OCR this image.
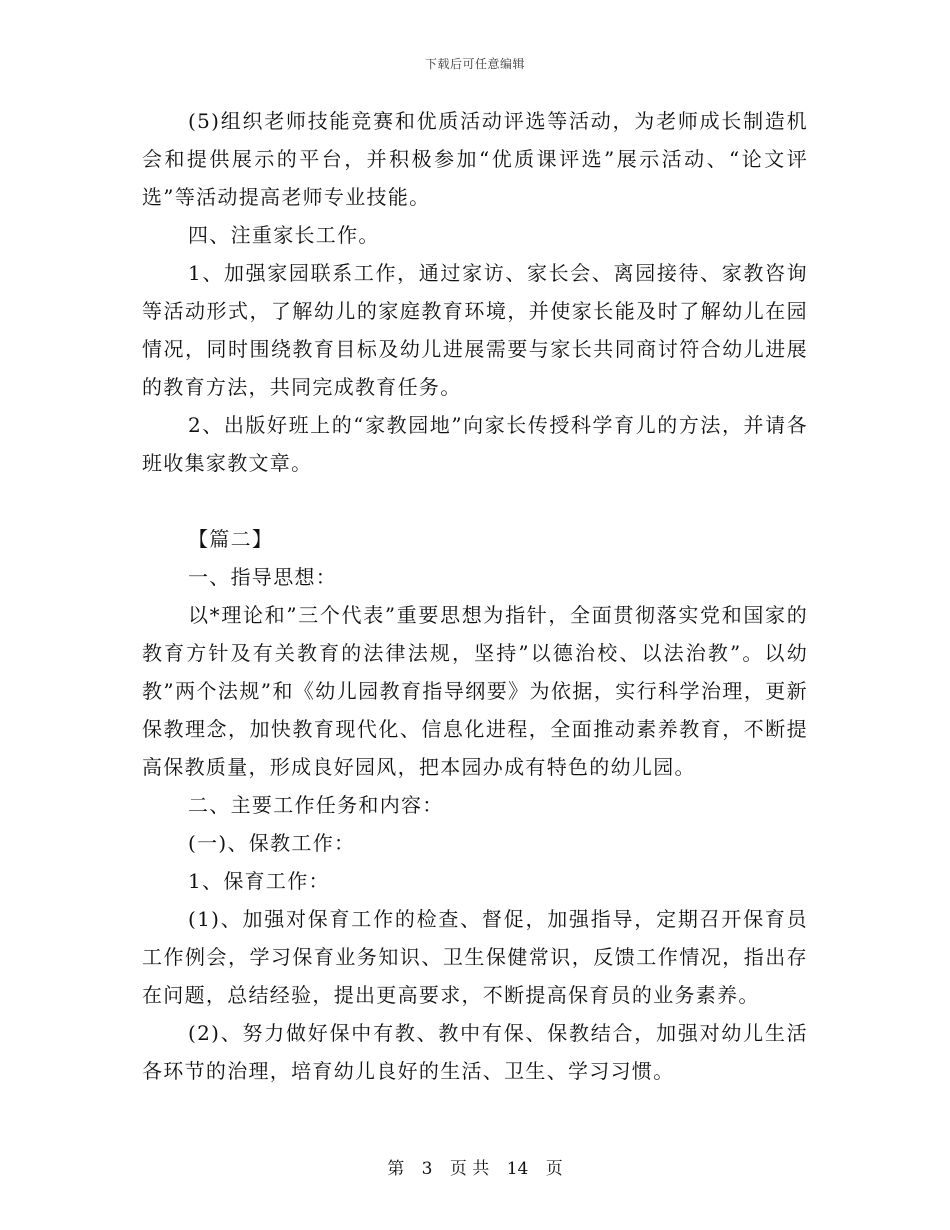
下载后可任意编辑

(5)组织老师技能竞赛和优质活动评选等活动，为老师成长制造机会和提供展示的平台，并积极参加“优质课评选”展示活动、“论文评选”等活动提高老师专业技能。

四、注重家长工作。

1、加强家园联系工作，通过家访、家长会、离园接待、家教咨询等活动形式，了解幼儿的家庭教育环境，并使家长能及时了解幼儿在园情况，同时围绕教育目标及幼儿进展需要与家长共同商讨符合幼儿进展的教育方法，共同完成教育任务。

2、出版好班上的“家教园地”向家长传授科学育儿的方法，并请各班收集家教文章。

【篇二】

一、指导思想：

以*理论和”三个代表”重要思想为指针，全面贯彻落实党和国家的教育方针及有关教育的法律法规，坚持”以德治校、以法治教”。以幼教”两个法规”和《幼儿园教育指导纲要》为依据，实行科学治理，更新保教理念，加快教育现代化、信息化进程，全面推动素养教育，不断提高保教质量，形成良好园风，把本园办成有特色的幼儿园。

二、主要工作任务和内容：

(一)、保教工作：

1、保育工作：

(1)、加强对保育工作的检查、督促，加强指导，定期召开保育员工作例会，学习保育业务知识、卫生保健常识，反馈工作情况，指出存在问题，总结经验，提出更高要求，不断提高保育员的业务素养。

(2)、努力做好保中有教、教中有保、保教结合，加强对幼儿生活各环节的治理，培育幼儿良好的生活、卫生、学习习惯。

第 3 页 共 14 页
